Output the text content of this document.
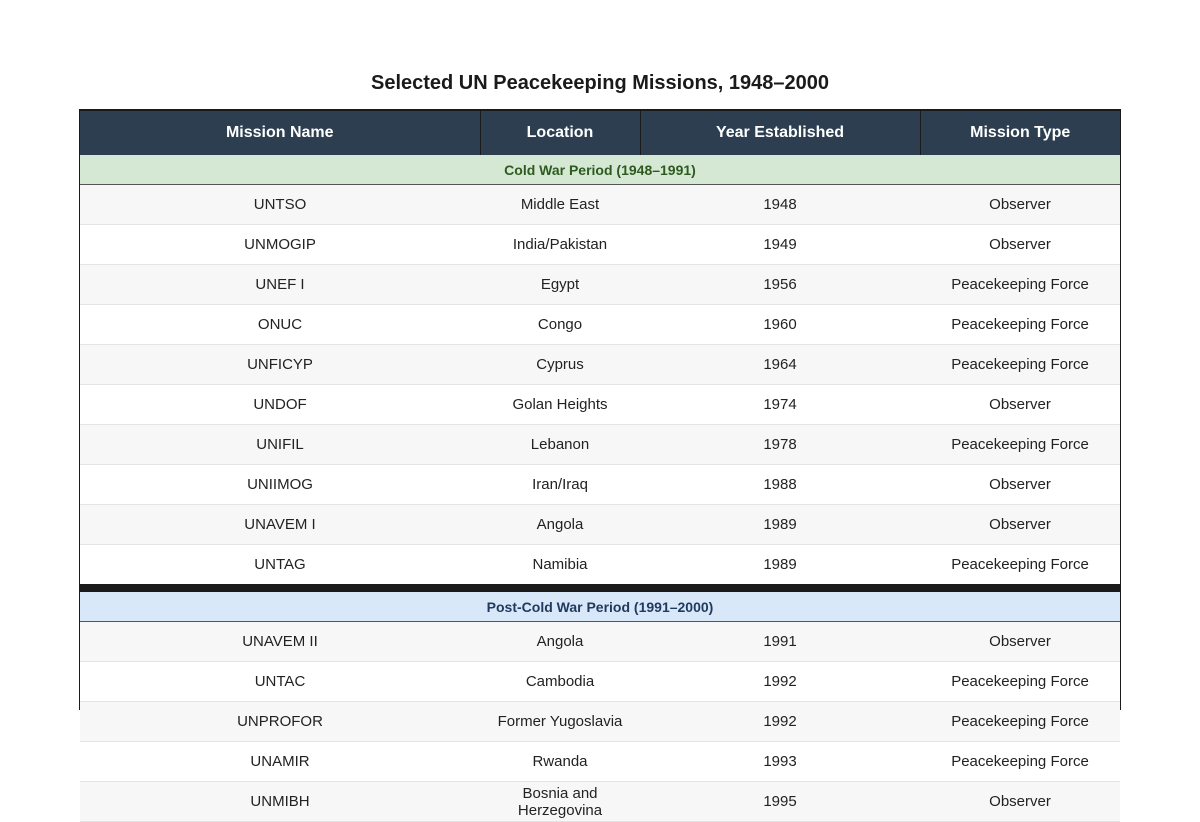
Selected UN Peacekeeping Missions, 1948–2000
Mission Name	Location	Year Established	Mission Type
Cold War Period (1948–1991)			
UNTSO	Middle East	1948	Observer
UNMOGIP	India/Pakistan	1949	Observer
UNEF I	Egypt	1956	Peacekeeping Force
ONUC	Congo	1960	Peacekeeping Force
UNFICYP	Cyprus	1964	Peacekeeping Force
UNDOF	Golan Heights	1974	Observer
UNIFIL	Lebanon	1978	Peacekeeping Force
UNIIMOG	Iran/Iraq	1988	Observer
UNAVEM I	Angola	1989	Observer
UNTAG	Namibia	1989	Peacekeeping Force
Post-Cold War Period (1991–2000)			
UNAVEM II	Angola	1991	Observer
UNTAC	Cambodia	1992	Peacekeeping Force
UNPROFOR	Former Yugoslavia	1992	Peacekeeping Force
UNAMIR	Rwanda	1993	Peacekeeping Force
UNMIBH	Bosnia and Herzegovina	1995	Observer
